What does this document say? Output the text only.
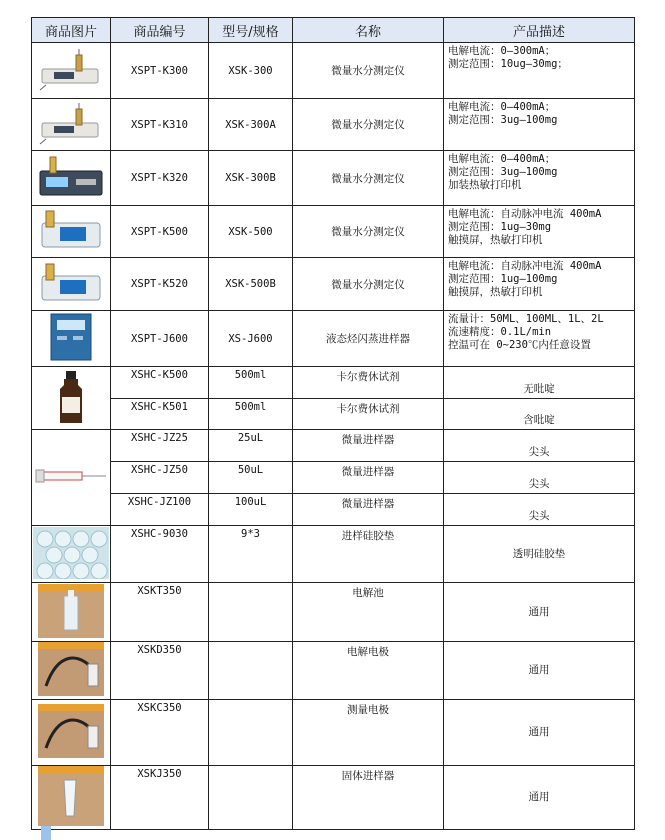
商品图片	商品编号	型号/规格	名称	产品描述
	XSPT-K300	XSK-300	微量水分测定仪	电解电流：0—300mA；
测定范围：10ug—30mg；

	XSPT-K310	XSK-300A	微量水分测定仪	电解电流：0—400mA；
测定范围：3ug—100mg

	XSPT-K320	XSK-300B	微量水分测定仪	电解电流：0—400mA；
测定范围：3ug—100mg
加装热敏打印机

	XSPT-K500	XSK-500	微量水分测定仪	电解电流：自动脉冲电流 400mA
测定范围：1ug—30mg
触摸屏，热敏打印机

	XSPT-K520	XSK-500B	微量水分测定仪	电解电流：自动脉冲电流 400mA
测定范围：1ug—100mg
触摸屏，热敏打印机

	XSPT-J600	XS-J600	液态烃闪蒸进样器	流量计：50ML、100ML、1L、2L
流速精度：0.1L/min
控温可在 0~230℃内任意设置

	XSHC-K500	500ml	卡尔费休试剂	无吡啶

	XSHC-K501	500ml	卡尔费休试剂	含吡啶

	XSHC-JZ25	25uL	微量进样器	尖头

	XSHC-JZ50	50uL	微量进样器	尖头

	XSHC-JZ100	100uL	微量进样器	尖头

	XSHC-9030	9*3	进样硅胶垫	透明硅胶垫

	XSKT350		电解池	通用

	XSKD350		电解电极	通用

	XSKC350		测量电极	通用

	XSKJ350		固体进样器	通用
